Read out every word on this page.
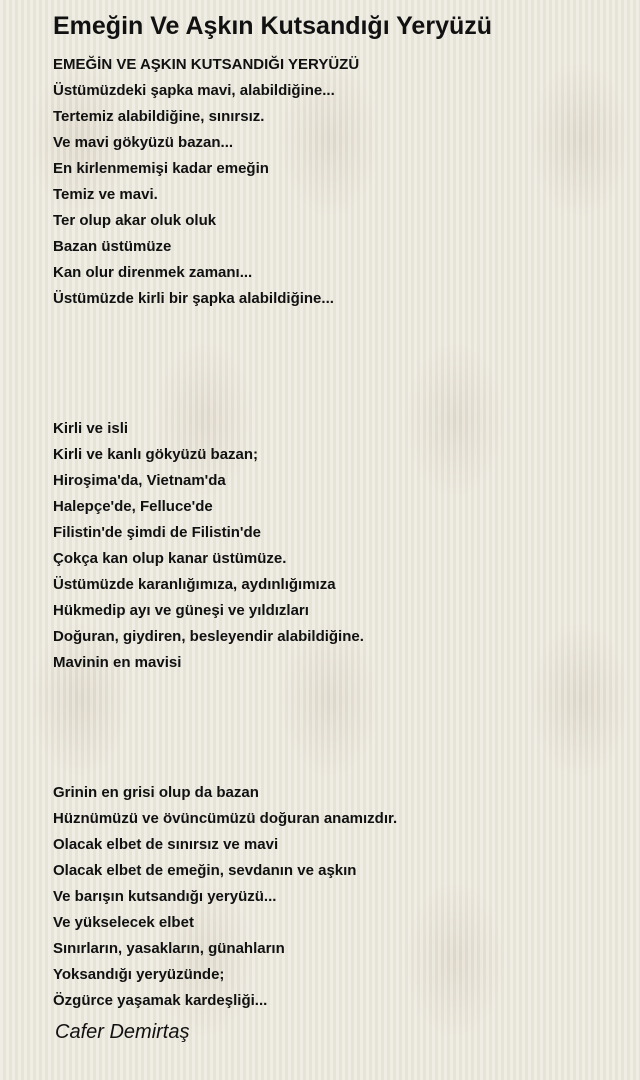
Emeğin Ve Aşkın Kutsandığı Yeryüzü

EMEĞİN VE AŞKIN KUTSANDIĞI YERYÜZÜ
Üstümüzdeki şapka mavi, alabildiğine...
Tertemiz alabildiğine, sınırsız.
Ve mavi gökyüzü bazan...
En kirlenmemişi kadar emeğin
Temiz ve mavi.
Ter olup akar oluk oluk
Bazan üstümüze
Kan olur direnmek zamanı...
Üstümüzde kirli bir şapka alabildiğine...

Kirli ve isli
Kirli ve kanlı gökyüzü bazan;
Hiroşima'da, Vietnam'da
Halepçe'de, Felluce'de
Filistin'de şimdi de Filistin'de
Çokça kan olup kanar üstümüze.
Üstümüzde karanlığımıza, aydınlığımıza
Hükmedip ayı ve güneşi ve yıldızları
Doğuran, giydiren, besleyendir alabildiğine.
Mavinin en mavisi

Grinin en grisi olup da bazan
Hüznümüzü ve övüncümüzü doğuran anamızdır.
Olacak elbet de sınırsız ve mavi
Olacak elbet de emeğin, sevdanın ve aşkın
Ve barışın kutsandığı yeryüzü...
Ve yükselecek elbet
Sınırların, yasakların, günahların
Yoksandığı yeryüzünde;
Özgürce yaşamak kardeşliği...

Cafer Demirtaş
